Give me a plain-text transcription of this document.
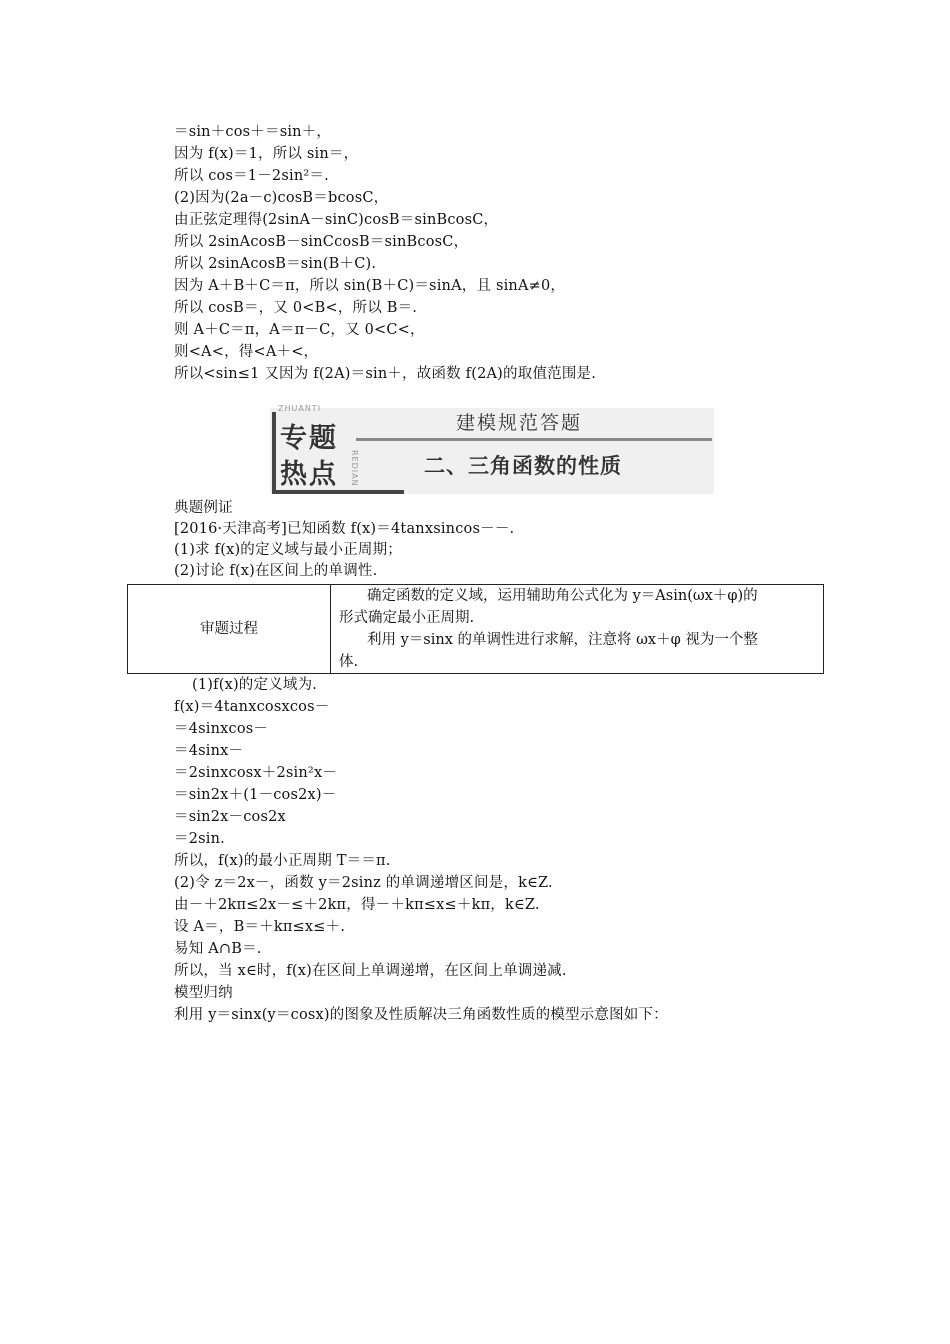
＝sin＋cos＋＝sin＋，
因为 f(x)＝1，所以 sin＝，
所以 cos＝1－2sin²＝.
(2)因为(2a－c)cosB＝bcosC，
由正弦定理得(2sinA－sinC)cosB＝sinBcosC，
所以 2sinAcosB－sinCcosB＝sinBcosC，
所以 2sinAcosB＝sin(B＋C).
因为 A＋B＋C＝π，所以 sin(B＋C)＝sinA，且 sinA≠0，
所以 cosB＝，又 0<B<，所以 B＝.
则 A＋C＝π，A＝π－C，又 0<C<，
则<A<，得<A＋<，
所以<sin≤1 又因为 f(2A)＝sin＋，故函数 f(2A)的取值范围是.
ZHUANTI
专题
热点 REDIAN
建模规范答题
二、三角函数的性质
典题例证
[2016·天津高考]已知函数 f(x)＝4tanxsincos－－.
(1)求 f(x)的定义域与最小正周期；
(2)讨论 f(x)在区间上的单调性.
审题过程	

确定函数的定义域，运用辅助角公式化为 y＝Asin(ωx＋φ)的

形式确定最小正周期.

利用 y＝sinx 的单调性进行求解，注意将 ωx＋φ 视为一个整

体.

(1)f(x)的定义域为.
f(x)＝4tanxcosxcos－
＝4sinxcos－
＝4sinx－
＝2sinxcosx＋2sin²x－
＝sin2x＋(1－cos2x)－
＝sin2x－cos2x
＝2sin.
所以，f(x)的最小正周期 T＝＝π.
(2)令 z＝2x－，函数 y＝2sinz 的单调递增区间是，k∈Z.
由－＋2kπ≤2x－≤＋2kπ，得－＋kπ≤x≤＋kπ，k∈Z.
设 A＝，B＝＋kπ≤x≤＋.
易知 A∩B＝.
所以，当 x∈时，f(x)在区间上单调递增，在区间上单调递减.
模型归纳
利用 y＝sinx(y＝cosx)的图象及性质解决三角函数性质的模型示意图如下：
